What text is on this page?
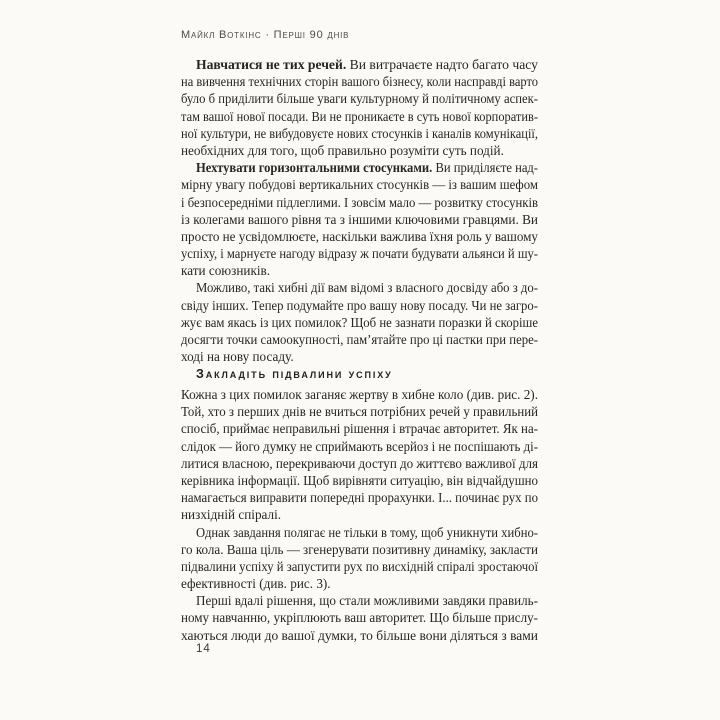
Майкл Воткінс · Перші 90 днів
Навчатися не тих речей. Ви витрачаєте надто багато часу
на вивчення технічних сторін вашого бізнесу, коли насправді варто
було б приділити більше уваги культурному й політичному аспек-
там вашої нової посади. Ви не проникаєте в суть нової корпоратив-
ної культури, не вибудовуєте нових стосунків і каналів комунікації,
необхідних для того, щоб правильно розуміти суть подій.
Нехтувати горизонтальними стосунками. Ви приділяєте над-
мірну увагу побудові вертикальних стосунків — із вашим шефом
і безпосередніми підлеглими. І зовсім мало — розвитку стосунків
із колегами вашого рівня та з іншими ключовими гравцями. Ви
просто не усвідомлюєте, наскільки важлива їхня роль у вашому
успіху, і марнуєте нагоду відразу ж почати будувати альянси й шу-
кати союзників.
Можливо, такі хибні дії вам відомі з власного досвіду або з до-
свіду інших. Тепер подумайте про вашу нову посаду. Чи не загро-
жує вам якась із цих помилок? Щоб не зазнати поразки й скоріше
досягти точки самоокупності, пам’ятайте про ці пастки при пере-
ході на нову посаду.
Закладіть підвалини успіху
Кожна з цих помилок заганяє жертву в хибне коло (див. рис. 2).
Той, хто з перших днів не вчиться потрібних речей у правильний
спосіб, приймає неправильні рішення і втрачає авторитет. Як на-
слідок — його думку не сприймають всерйоз і не поспішають ді-
литися власною, перекриваючи доступ до життєво важливої для
керівника інформації. Щоб вирівняти ситуацію, він відчайдушно
намагається виправити попередні прорахунки. І... починає рух по
низхідній спіралі.
Однак завдання полягає не тільки в тому, щоб уникнути хибно-
го кола. Ваша ціль — згенерувати позитивну динаміку, закласти
підвалини успіху й запустити рух по висхідній спіралі зростаючої
ефективності (див. рис. 3).
Перші вдалі рішення, що стали можливими завдяки правиль-
ному навчанню, укріплюють ваш авторитет. Що більше прислу-
хаються люди до вашої думки, то більше вони діляться з вами
14
